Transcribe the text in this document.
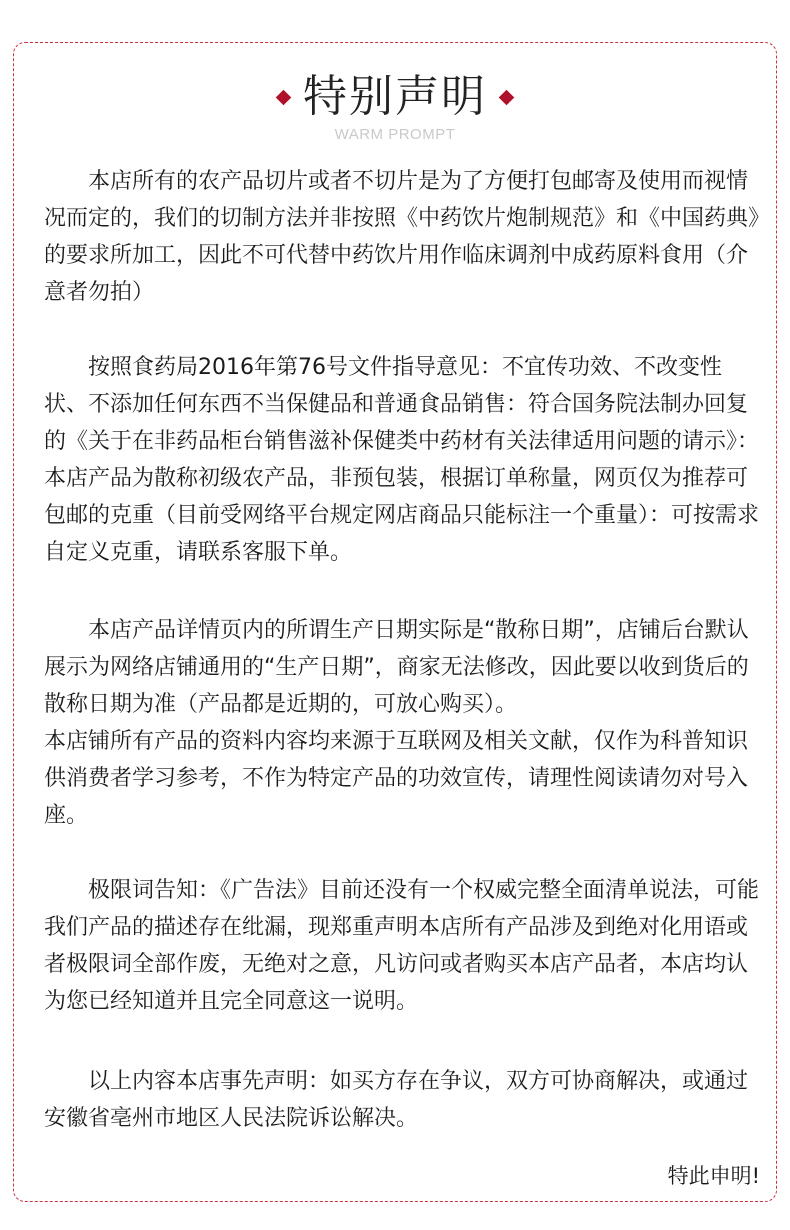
特别声明
WARM PROMPT

本店所有的农产品切片或者不切片是为了方便打包邮寄及使用而视情况而定的，我们的切制方法并非按照《中药饮片炮制规范》和《中国药典》的要求所加工，因此不可代替中药饮片用作临床调剂中成药原料食用（介意者勿拍）

按照食药局2016年第76号文件指导意见：不宜传功效、不改变性状、不添加任何东西不当保健品和普通食品销售：符合国务院法制办回复的《关于在非药品柜台销售滋补保健类中药材有关法律适用问题的请示》：本店产品为散称初级农产品，非预包装，根据订单称量，网页仅为推荐可包邮的克重（目前受网络平台规定网店商品只能标注一个重量）：可按需求自定义克重，请联系客服下单。

本店产品详情页内的所谓生产日期实际是“散称日期”，店铺后台默认展示为网络店铺通用的“生产日期”，商家无法修改，因此要以收到货后的散称日期为准（产品都是近期的，可放心购买）。

本店铺所有产品的资料内容均来源于互联网及相关文献，仅作为科普知识供消费者学习参考，不作为特定产品的功效宣传，请理性阅读请勿对号入座。

极限词告知：《广告法》目前还没有一个权威完整全面清单说法，可能我们产品的描述存在纰漏，现郑重声明本店所有产品涉及到绝对化用语或者极限词全部作废，无绝对之意，凡访问或者购买本店产品者，本店均认为您已经知道并且完全同意这一说明。

以上内容本店事先声明：如买方存在争议，双方可协商解决，或通过安徽省亳州市地区人民法院诉讼解决。

特此申明!
